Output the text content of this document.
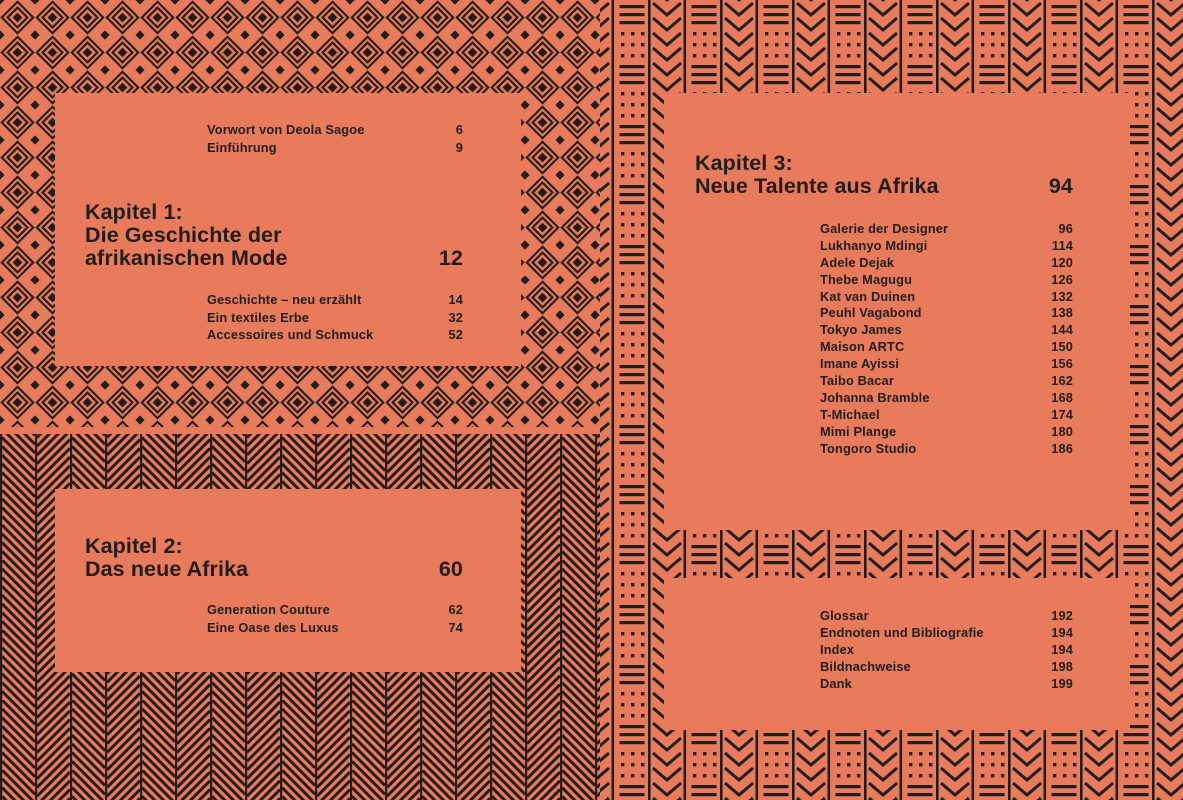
Vorwort von Deola Sagoe	6
Einführung	9
Kapitel 1:
Die Geschichte der
afrikanischen Mode	12
Geschichte – neu erzählt	14
Ein textiles Erbe	32
Accessoires und Schmuck	52
Kapitel 2:
Das neue Afrika	60
Generation Couture	62
Eine Oase des Luxus	74
Kapitel 3:
Neue Talente aus Afrika	94
Galerie der Designer	96
Lukhanyo Mdingi	114
Adele Dejak	120
Thebe Magugu	126
Kat van Duinen	132
Peuhl Vagabond	138
Tokyo James	144
Maison ARTC	150
Imane Ayissi	156
Taibo Bacar	162
Johanna Bramble	168
T-Michael	174
Mimi Plange	180
Tongoro Studio	186
Glossar	192
Endnoten und Bibliografie	194
Index	194
Bildnachweise	198
Dank	199
